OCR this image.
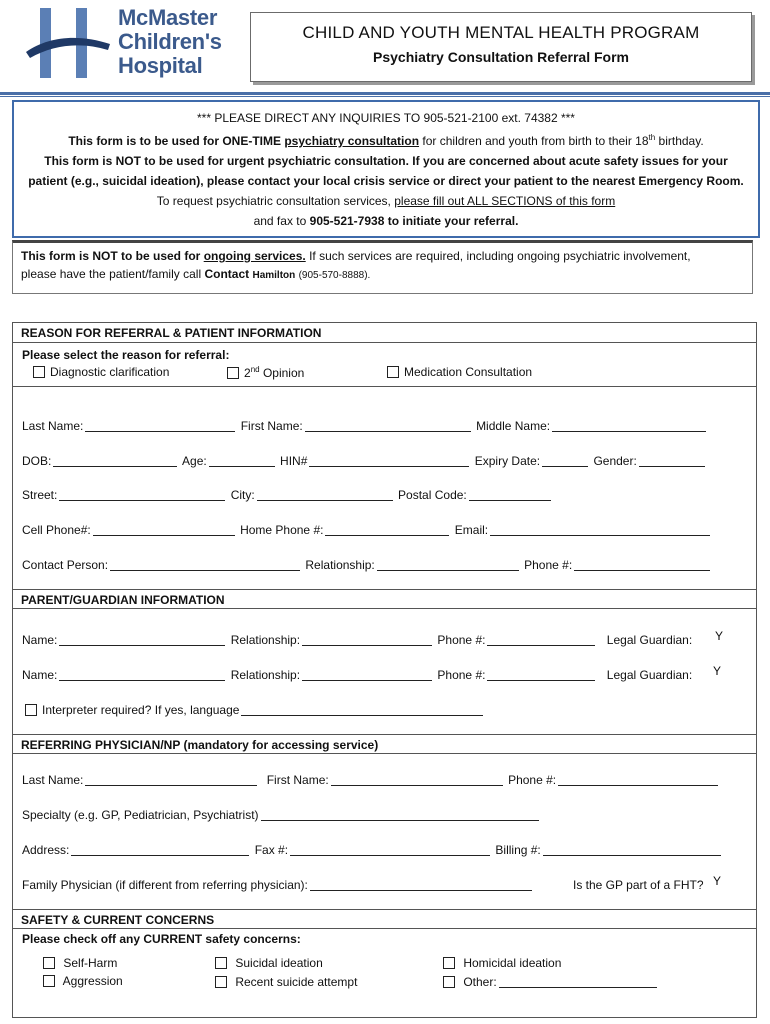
McMaster
Children's
Hospital
CHILD AND YOUTH MENTAL HEALTH PROGRAM
Psychiatry Consultation Referral Form
*** PLEASE DIRECT ANY INQUIRIES TO 905-521-2100 ext. 74382 ***
This form is to be used for ONE-TIME psychiatry consultation for children and youth from birth to their 18th birthday.
This form is NOT to be used for urgent psychiatric consultation. If you are concerned about acute safety issues for your
patient (e.g., suicidal ideation), please contact your local crisis service or direct your patient to the nearest Emergency Room.
To request psychiatric consultation services, please fill out ALL SECTIONS of this form
and fax to 905-521-7938 to initiate your referral.
This form is NOT to be used for ongoing services. If such services are required, including ongoing psychiatric involvement,
please have the patient/family call Contact Hamilton (905-570-8888).
REASON FOR REFERRAL & PATIENT INFORMATION
Please select the reason for referral:
Diagnostic clarification	2nd Opinion	Medication Consultation
Last Name:	First Name:	Middle Name:
DOB:	Age:	HIN#	Expiry Date:	Gender:
Street:	City:	Postal Code:
Cell Phone#:	Home Phone #:	Email:
Contact Person:	Relationship:	Phone #:
PARENT/GUARDIAN INFORMATION
Name:	Relationship:	Phone #:	Legal Guardian: Y
Name:	Relationship:	Phone #:	Legal Guardian: Y
Interpreter required? If yes, language
REFERRING PHYSICIAN/NP (mandatory for accessing service)
Last Name:	First Name:	Phone #:
Specialty (e.g. GP, Pediatrician, Psychiatrist)
Address:	Fax #:	Billing #:
Family Physician (if different from referring physician):	Is the GP part of a FHT? Y
SAFETY & CURRENT CONCERNS
Please check off any CURRENT safety concerns:
Self-Harm
Aggression
Suicidal ideation
Recent suicide attempt
Homicidal ideation
Other:
